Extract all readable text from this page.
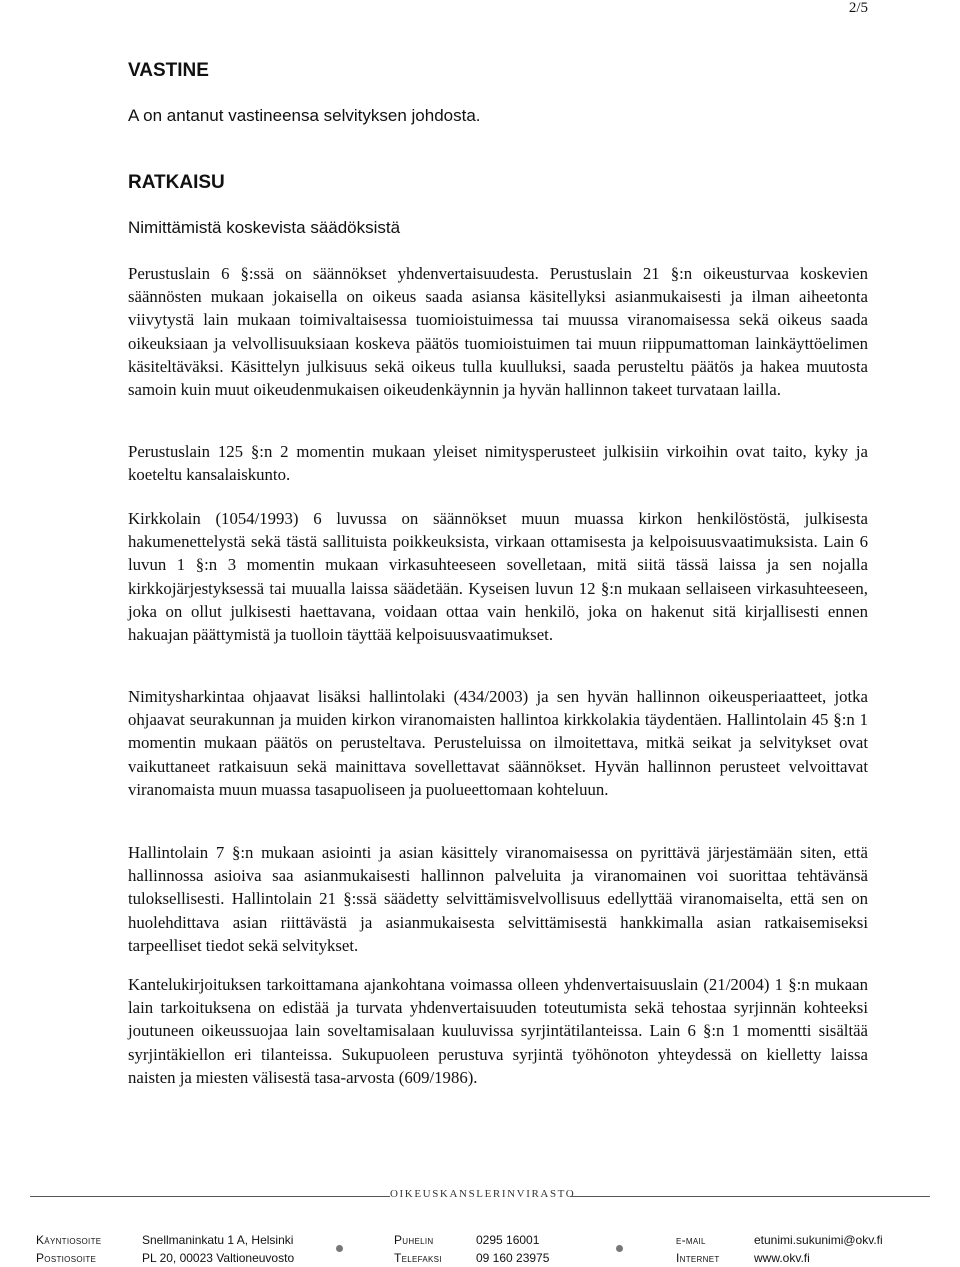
2/5
VASTINE

A on antanut vastineensa selvityksen johdosta.

RATKAISU

Nimittämistä koskevista säädöksistä

Perustuslain 6 §:ssä on säännökset yhdenvertaisuudesta. Perustuslain 21 §:n oikeusturvaa koskevien säännösten mukaan jokaisella on oikeus saada asiansa käsitellyksi asianmukaisesti ja ilman aiheetonta viivytystä lain mukaan toimivaltaisessa tuomioistuimessa tai muussa viranomaisessa sekä oikeus saada oikeuksiaan ja velvollisuuksiaan koskeva päätös tuomioistuimen tai muun riippumattoman lainkäyttöelimen käsiteltäväksi. Käsittelyn julkisuus sekä oikeus tulla kuulluksi, saada perusteltu päätös ja hakea muutosta samoin kuin muut oikeudenmukaisen oikeudenkäynnin ja hyvän hallinnon takeet turvataan lailla.

Perustuslain 125 §:n 2 momentin mukaan yleiset nimitysperusteet julkisiin virkoihin ovat taito, kyky ja koeteltu kansalaiskunto.

Kirkkolain (1054/1993) 6 luvussa on säännökset muun muassa kirkon henkilöstöstä, julkisesta hakumenettelystä sekä tästä sallituista poikkeuksista, virkaan ottamisesta ja kelpoisuusvaatimuksista. Lain 6 luvun 1 §:n 3 momentin mukaan virkasuhteeseen sovelletaan, mitä siitä tässä laissa ja sen nojalla kirkkojärjestyksessä tai muualla laissa säädetään. Kyseisen luvun 12 §:n mukaan sellaiseen virkasuhteeseen, joka on ollut julkisesti haettavana, voidaan ottaa vain henkilö, joka on hakenut sitä kirjallisesti ennen hakuajan päättymistä ja tuolloin täyttää kelpoisuusvaatimukset.

Nimitysharkintaa ohjaavat lisäksi hallintolaki (434/2003) ja sen hyvän hallinnon oikeusperiaatteet, jotka ohjaavat seurakunnan ja muiden kirkon viranomaisten hallintoa kirkkolakia täydentäen. Hallintolain 45 §:n 1 momentin mukaan päätös on perusteltava. Perusteluissa on ilmoitettava, mitkä seikat ja selvitykset ovat vaikuttaneet ratkaisuun sekä mainittava sovellettavat säännökset. Hyvän hallinnon perusteet velvoittavat viranomaista muun muassa tasapuoliseen ja puolueettomaan kohteluun.

Hallintolain 7 §:n mukaan asiointi ja asian käsittely viranomaisessa on pyrittävä järjestämään siten, että hallinnossa asioiva saa asianmukaisesti hallinnon palveluita ja viranomainen voi suorittaa tehtävänsä tuloksellisesti. Hallintolain 21 §:ssä säädetty selvittämisvelvollisuus edellyttää viranomaiselta, että sen on huolehdittava asian riittävästä ja asianmukaisesta selvittämisestä hankkimalla asian ratkaisemiseksi tarpeelliset tiedot sekä selvitykset.

Kantelukirjoituksen tarkoittamana ajankohtana voimassa olleen yhdenvertaisuuslain (21/2004) 1 §:n mukaan lain tarkoituksena on edistää ja turvata yhdenvertaisuuden toteutumista sekä tehostaa syrjinnän kohteeksi joutuneen oikeussuojaa lain soveltamisalaan kuuluvissa syrjintätilanteissa. Lain 6 §:n 1 momentti sisältää syrjintäkiellon eri tilanteissa. Sukupuoleen perustuva syrjintä työhönoton yhteydessä on kielletty laissa naisten ja miesten välisestä tasa-arvosta (609/1986).

OIKEUSKANSLERINVIRASTO
Käyntiosoite	Snellmaninkatu 1 A, Helsinki	Puhelin	0295 16001	e-mail	etunimi.sukunimi@okv.fi
Postiosoite	PL 20, 00023 Valtioneuvosto	Telefaksi	09 160 23975	Internet	www.okv.fi
